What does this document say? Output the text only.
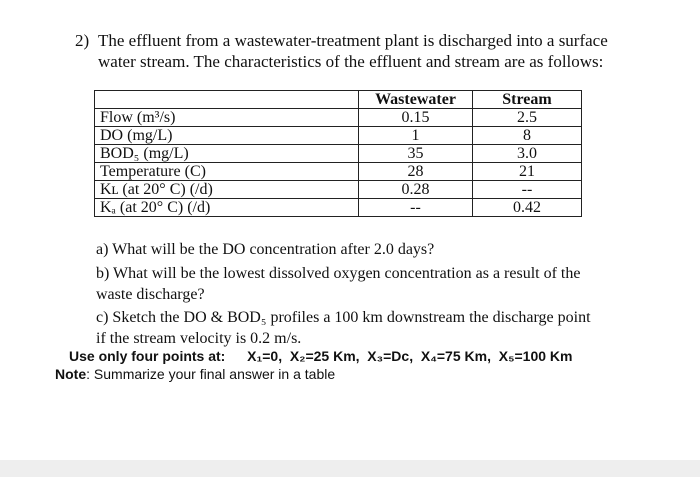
2) The effluent from a wastewater-treatment plant is discharged into a surface
water stream. The characteristics of the effluent and stream are as follows:
	Wastewater	Stream
Flow (m³/s)	0.15	2.5
DO (mg/L)	1	8
BOD₅ (mg/L)	35	3.0
Temperature (C)	28	21
Kʟ (at 20° C) (/d)	0.28	--
Kₐ (at 20° C) (/d)	--	0.42
a) What will be the DO concentration after 2.0 days?
b) What will be the lowest dissolved oxygen concentration as a result of the
waste discharge?
c) Sketch the DO & BOD₅ profiles a 100 km downstream the discharge point
if the stream velocity is 0.2 m/s.
Use only four points at: X₁=0,  X₂=25 Km,  X₃=Dc,  X₄=75 Km,  X₅=100 Km
Note: Summarize your final answer in a table
